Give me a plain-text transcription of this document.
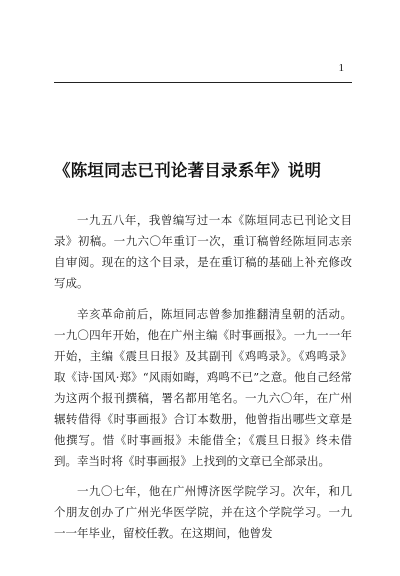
1
《陈垣同志已刊论著目录系年》说明

一九五八年，我曾编写过一本《陈垣同志已刊论文目录》初稿。一九六〇年重订一次，重订稿曾经陈垣同志亲自审阅。现在的这个目录，是在重订稿的基础上补充修改写成。

辛亥革命前后，陈垣同志曾参加推翻清皇朝的活动。一九〇四年开始，他在广州主编《时事画报》。一九一一年开始，主编《震旦日报》及其副刊《鸡鸣录》。《鸡鸣录》取《诗·国风·郑》“风雨如晦，鸡鸣不已”之意。他自己经常为这两个报刊撰稿，署名都用笔名。一九六〇年，在广州辗转借得《时事画报》合订本数册，他曾指出哪些文章是他撰写。惜《时事画报》未能借全；《震旦日报》终未借到。幸当时将《时事画报》上找到的文章已全部录出。

一九〇七年，他在广州博济医学院学习。次年，和几个朋友创办了广州光华医学院，并在这个学院学习。一九一一年毕业，留校任教。在这期间，他曾发
